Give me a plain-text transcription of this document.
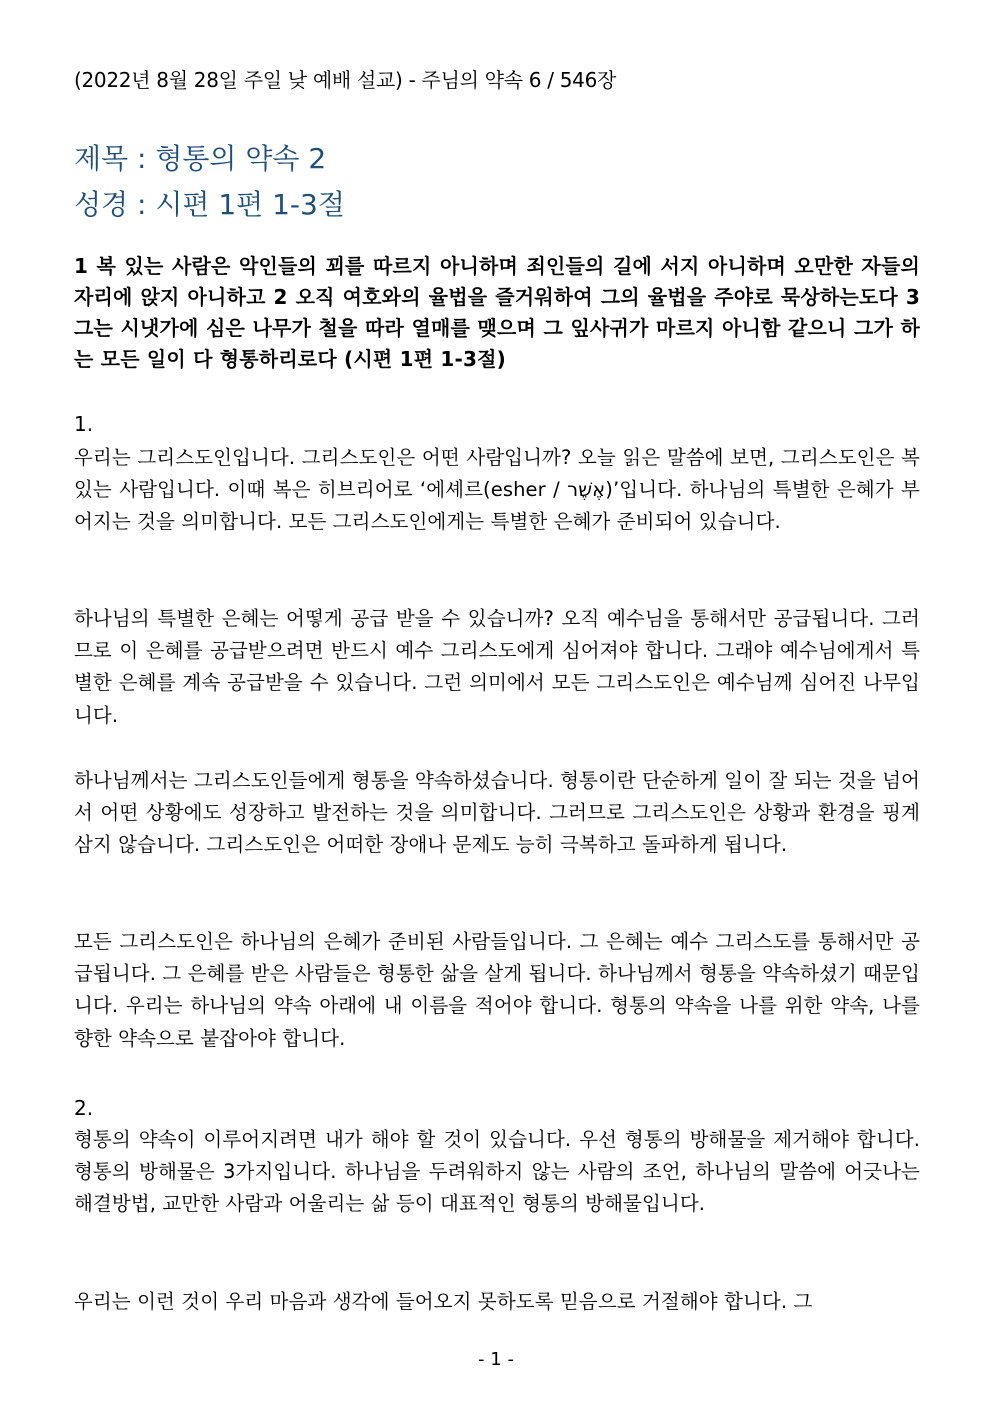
(2022년 8월 28일 주일 낮 예배 설교) - 주님의 약속 6 / 546장
제목 : 형통의 약속 2
성경 : 시편 1편 1-3절
1 복 있는 사람은 악인들의 꾀를 따르지 아니하며 죄인들의 길에 서지 아니하며 오만한 자들의 자리에 앉지 아니하고 2 오직 여호와의 율법을 즐거워하여 그의 율법을 주야로 묵상하는도다 3 그는 시냇가에 심은 나무가 철을 따라 열매를 맺으며 그 잎사귀가 마르지 아니함 같으니 그가 하는 모든 일이 다 형통하리로다 (시편 1편 1-3절)
1.
우리는 그리스도인입니다. 그리스도인은 어떤 사람입니까? 오늘 읽은 말씀에 보면, 그리스도인은 복 있는 사람입니다. 이때 복은 히브리어로 ‘에셰르(esher / אֶשֶׁר)’입니다. 하나님의 특별한 은혜가 부어지는 것을 의미합니다. 모든 그리스도인에게는 특별한 은혜가 준비되어 있습니다.
하나님의 특별한 은혜는 어떻게 공급 받을 수 있습니까? 오직 예수님을 통해서만 공급됩니다. 그러므로 이 은혜를 공급받으려면 반드시 예수 그리스도에게 심어져야 합니다. 그래야 예수님에게서 특별한 은혜를 계속 공급받을 수 있습니다. 그런 의미에서 모든 그리스도인은 예수님께 심어진 나무입니다.
하나님께서는 그리스도인들에게 형통을 약속하셨습니다. 형통이란 단순하게 일이 잘 되는 것을 넘어서 어떤 상황에도 성장하고 발전하는 것을 의미합니다. 그러므로 그리스도인은 상황과 환경을 핑계 삼지 않습니다. 그리스도인은 어떠한 장애나 문제도 능히 극복하고 돌파하게 됩니다.
모든 그리스도인은 하나님의 은혜가 준비된 사람들입니다. 그 은혜는 예수 그리스도를 통해서만 공급됩니다. 그 은혜를 받은 사람들은 형통한 삶을 살게 됩니다. 하나님께서 형통을 약속하셨기 때문입니다. 우리는 하나님의 약속 아래에 내 이름을 적어야 합니다. 형통의 약속을 나를 위한 약속, 나를 향한 약속으로 붙잡아야 합니다.
2.
형통의 약속이 이루어지려면 내가 해야 할 것이 있습니다. 우선 형통의 방해물을 제거해야 합니다. 형통의 방해물은 3가지입니다. 하나님을 두려워하지 않는 사람의 조언, 하나님의 말씀에 어긋나는 해결방법, 교만한 사람과 어울리는 삶 등이 대표적인 형통의 방해물입니다.
우리는 이런 것이 우리 마음과 생각에 들어오지 못하도록 믿음으로 거절해야 합니다. 그
- 1 -
